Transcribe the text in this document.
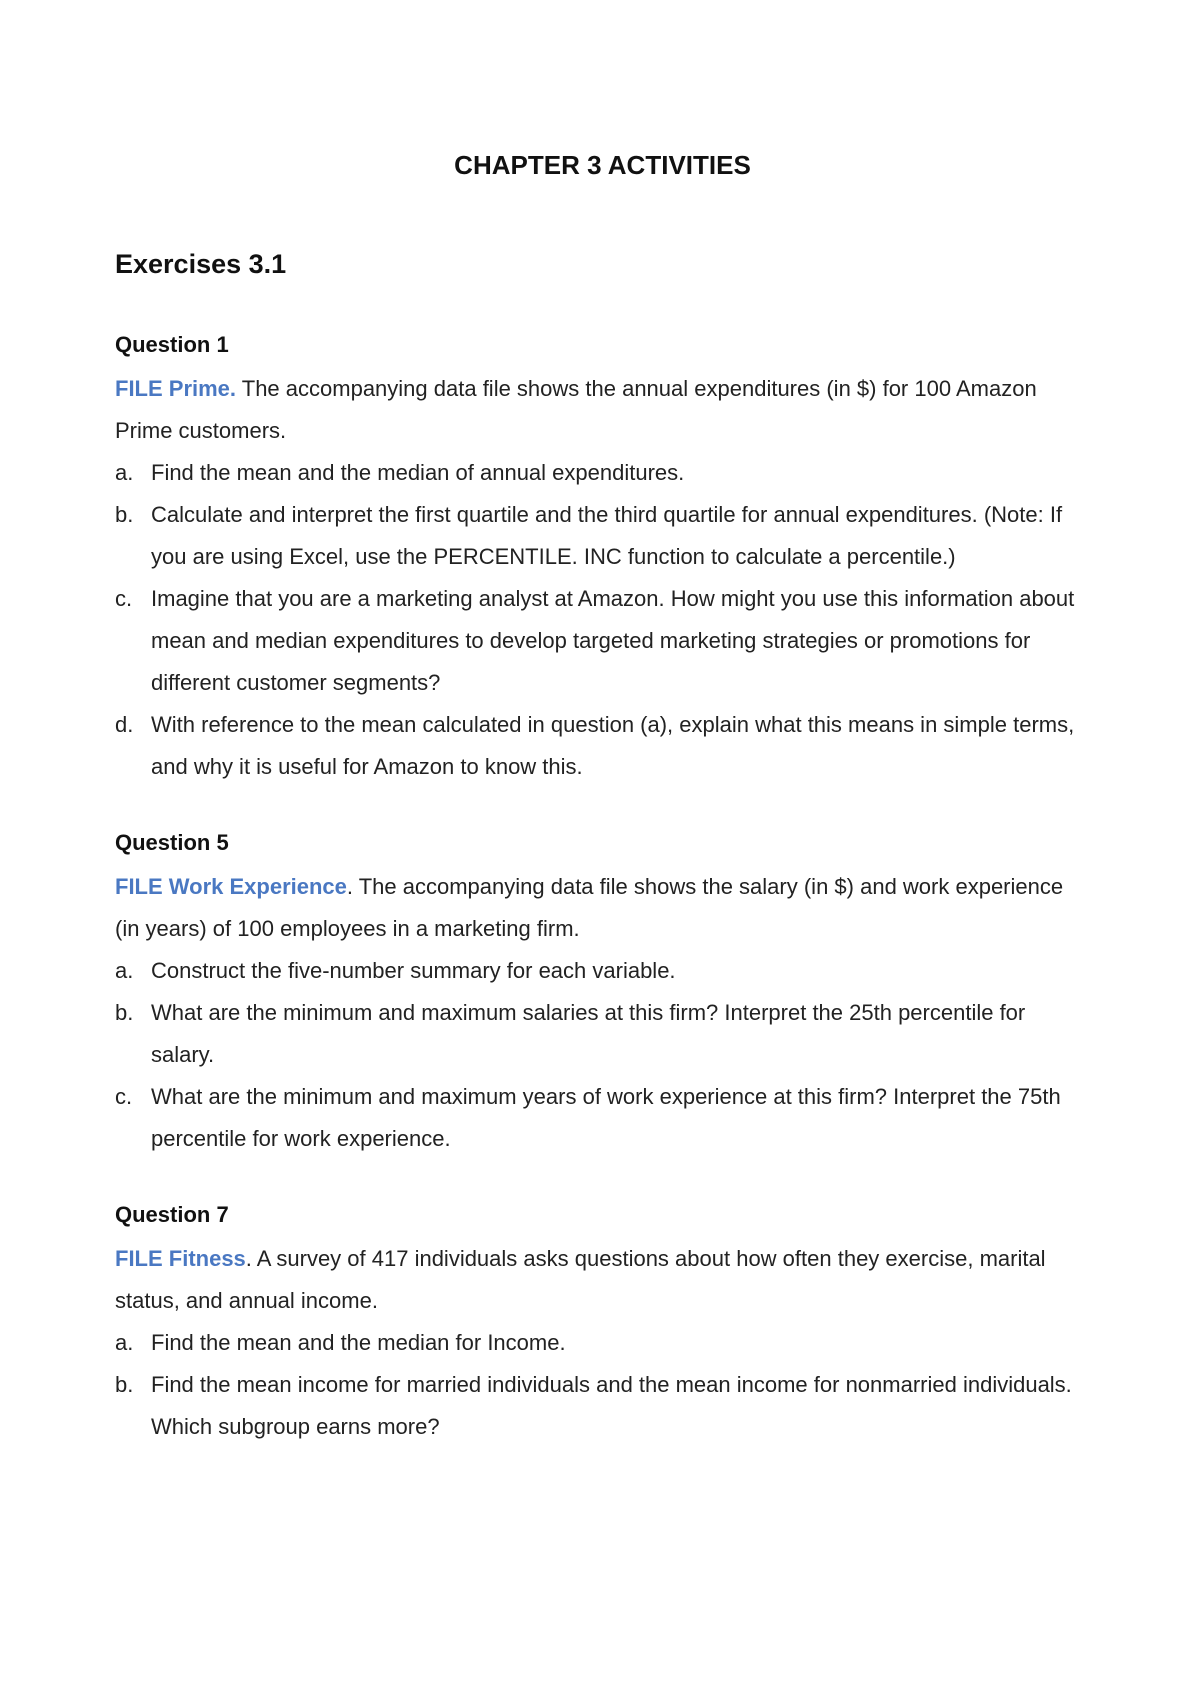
CHAPTER 3 ACTIVITIES
Exercises 3.1
Question 1

FILE Prime. The accompanying data file shows the annual expenditures (in $) for 100 Amazon Prime customers.

a. Find the mean and the median of annual expenditures.
b. Calculate and interpret the first quartile and the third quartile for annual expenditures. (Note: If you are using Excel, use the PERCENTILE. INC function to calculate a percentile.)
c. Imagine that you are a marketing analyst at Amazon. How might you use this information about mean and median expenditures to develop targeted marketing strategies or promotions for different customer segments?
d. With reference to the mean calculated in question (a), explain what this means in simple terms, and why it is useful for Amazon to know this.
Question 5

FILE Work Experience. The accompanying data file shows the salary (in $) and work experience (in years) of 100 employees in a marketing firm.

a. Construct the five-number summary for each variable.
b. What are the minimum and maximum salaries at this firm? Interpret the 25th percentile for salary.
c. What are the minimum and maximum years of work experience at this firm? Interpret the 75th percentile for work experience.
Question 7

FILE Fitness. A survey of 417 individuals asks questions about how often they exercise, marital status, and annual income.

a. Find the mean and the median for Income.
b. Find the mean income for married individuals and the mean income for nonmarried individuals. Which subgroup earns more?
